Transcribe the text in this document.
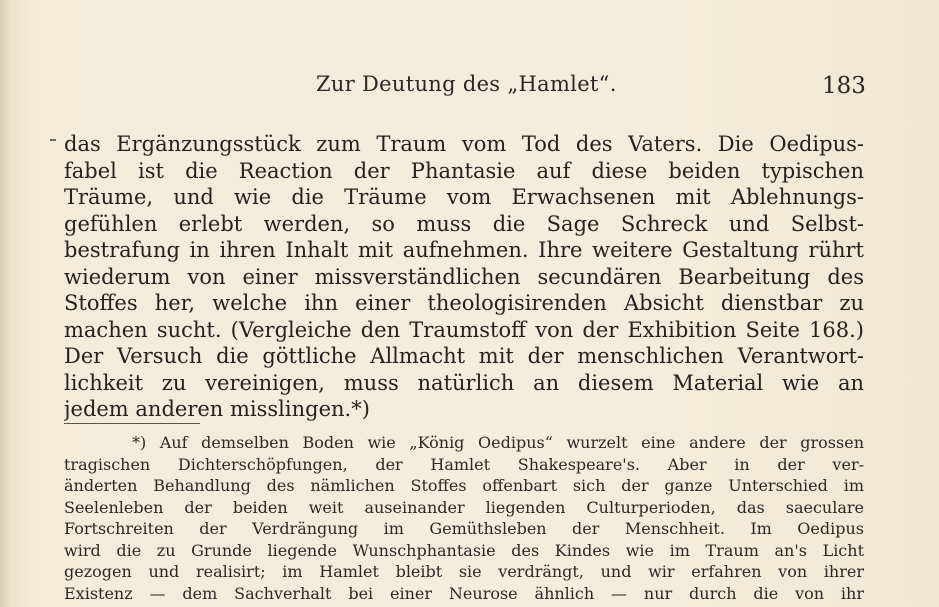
Zur Deutung des „Hamlet“.	183
das Ergänzungsstück zum Traum vom Tod des Vaters. Die Oedipus-
fabel ist die Reaction der Phantasie auf diese beiden typischen
Träume, und wie die Träume vom Erwachsenen mit Ablehnungs-
gefühlen erlebt werden, so muss die Sage Schreck und Selbst-
bestrafung in ihren Inhalt mit aufnehmen. Ihre weitere Gestaltung rührt
wiederum von einer missverständlichen secundären Bearbeitung des
Stoffes her, welche ihn einer theologisirenden Absicht dienstbar zu
machen sucht. (Vergleiche den Traumstoff von der Exhibition Seite 168.)
Der Versuch die göttliche Allmacht mit der menschlichen Verantwort-
lichkeit zu vereinigen, muss natürlich an diesem Material wie an
jedem anderen misslingen.*)
*) Auf demselben Boden wie „König Oedipus“ wurzelt eine andere der grossen
tragischen Dichterschöpfungen, der Hamlet Shakespeare's. Aber in der ver-
änderten Behandlung des nämlichen Stoffes offenbart sich der ganze Unterschied im
Seelenleben der beiden weit auseinander liegenden Culturperioden, das saeculare
Fortschreiten der Verdrängung im Gemüthsleben der Menschheit. Im Oedipus
wird die zu Grunde liegende Wunschphantasie des Kindes wie im Traum an's Licht
gezogen und realisirt; im Hamlet bleibt sie verdrängt, und wir erfahren von ihrer
Existenz — dem Sachverhalt bei einer Neurose ähnlich — nur durch die von ihr
